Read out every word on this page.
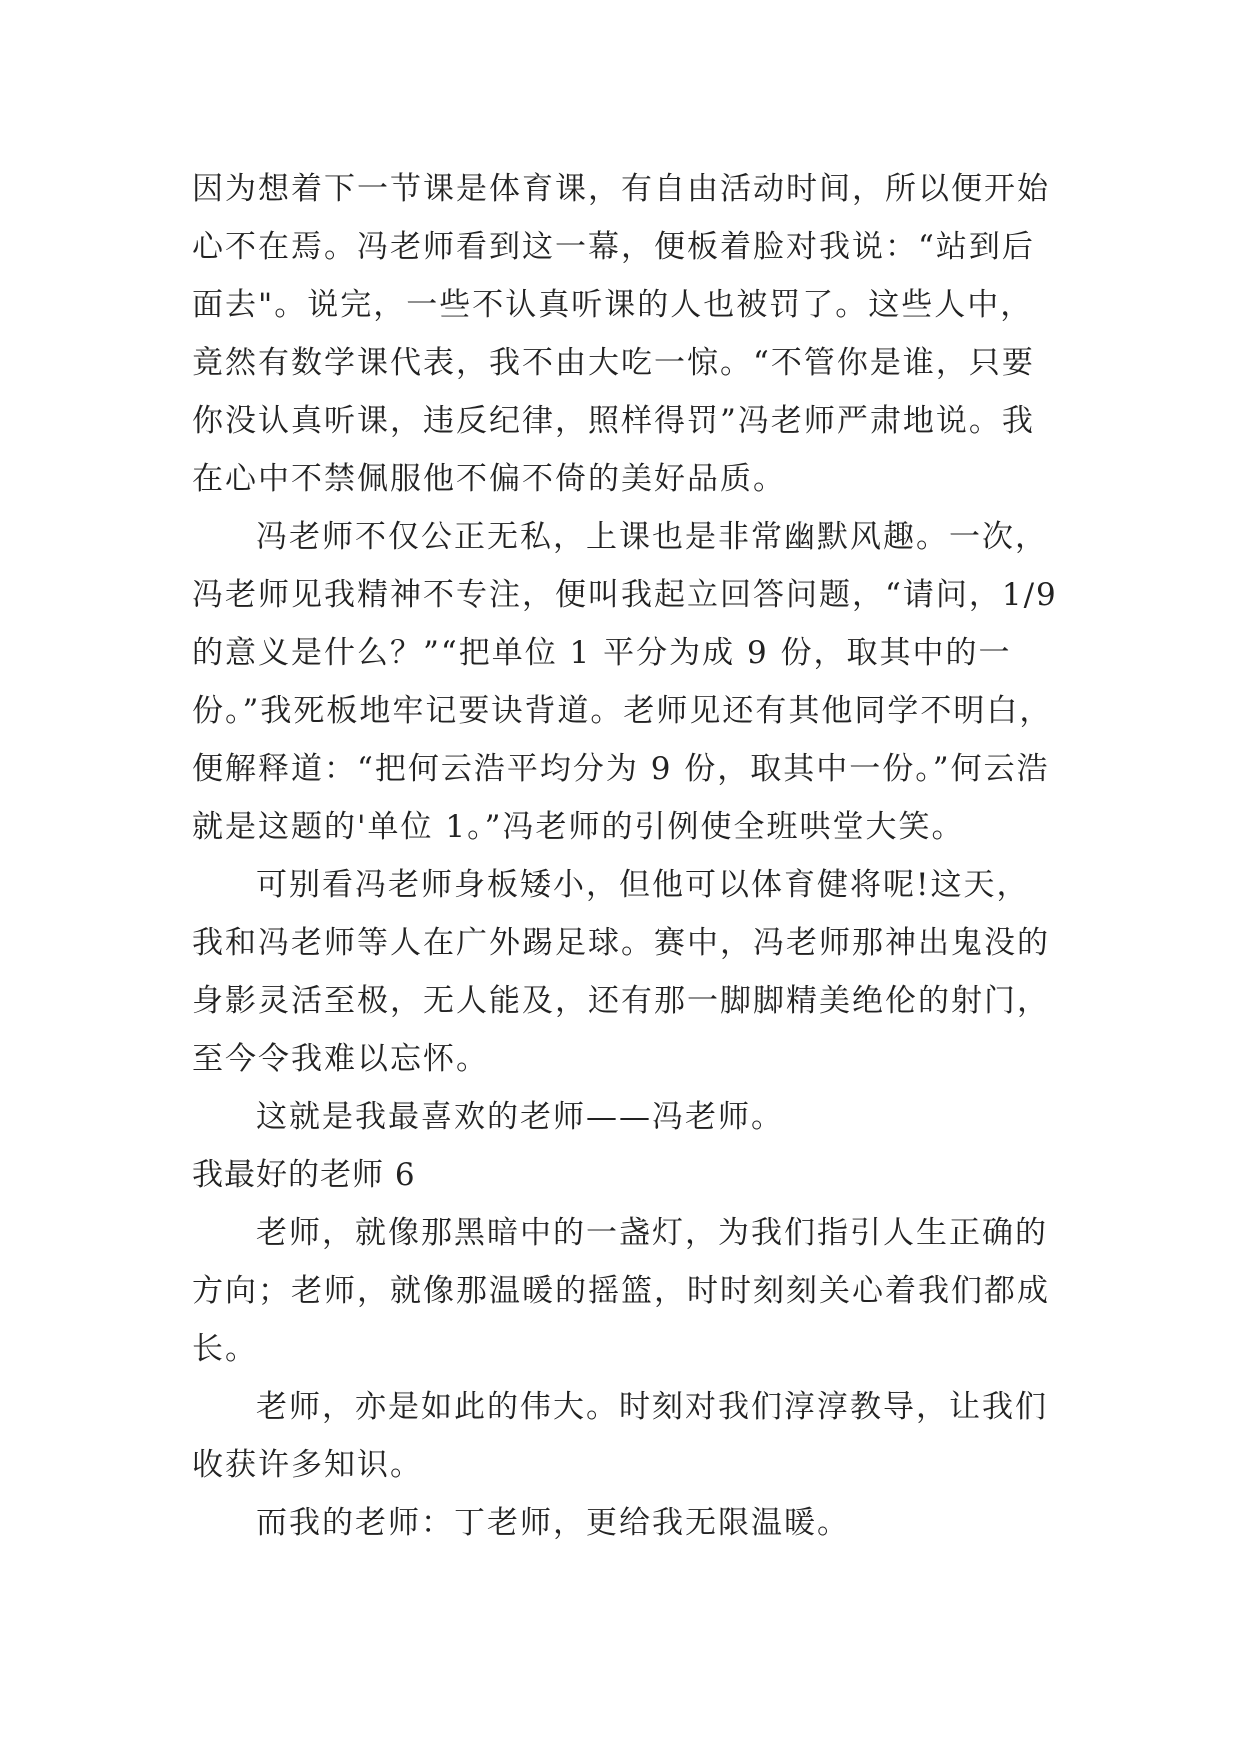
因为想着下一节课是体育课，有自由活动时间，所以便开始
心不在焉。冯老师看到这一幕，便板着脸对我说：“站到后
面去"。说完，一些不认真听课的人也被罚了。这些人中，
竟然有数学课代表，我不由大吃一惊。“不管你是谁，只要
你没认真听课，违反纪律，照样得罚”冯老师严肃地说。我
在心中不禁佩服他不偏不倚的美好品质。
冯老师不仅公正无私，上课也是非常幽默风趣。一次，
冯老师见我精神不专注，便叫我起立回答问题，“请问，1/9
的意义是什么？”“把单位 1 平分为成 9 份，取其中的一
份。”我死板地牢记要诀背道。老师见还有其他同学不明白，
便解释道：“把何云浩平均分为 9 份，取其中一份。”何云浩
就是这题的'单位 1。”冯老师的引例使全班哄堂大笑。
可别看冯老师身板矮小，但他可以体育健将呢!这天，
我和冯老师等人在广外踢足球。赛中，冯老师那神出鬼没的
身影灵活至极，无人能及，还有那一脚脚精美绝伦的射门，
至今令我难以忘怀。
这就是我最喜欢的老师——冯老师。
我最好的老师 6
老师，就像那黑暗中的一盏灯，为我们指引人生正确的
方向；老师，就像那温暖的摇篮，时时刻刻关心着我们都成
长。
老师，亦是如此的伟大。时刻对我们淳淳教导，让我们
收获许多知识。
而我的老师：丁老师，更给我无限温暖。
